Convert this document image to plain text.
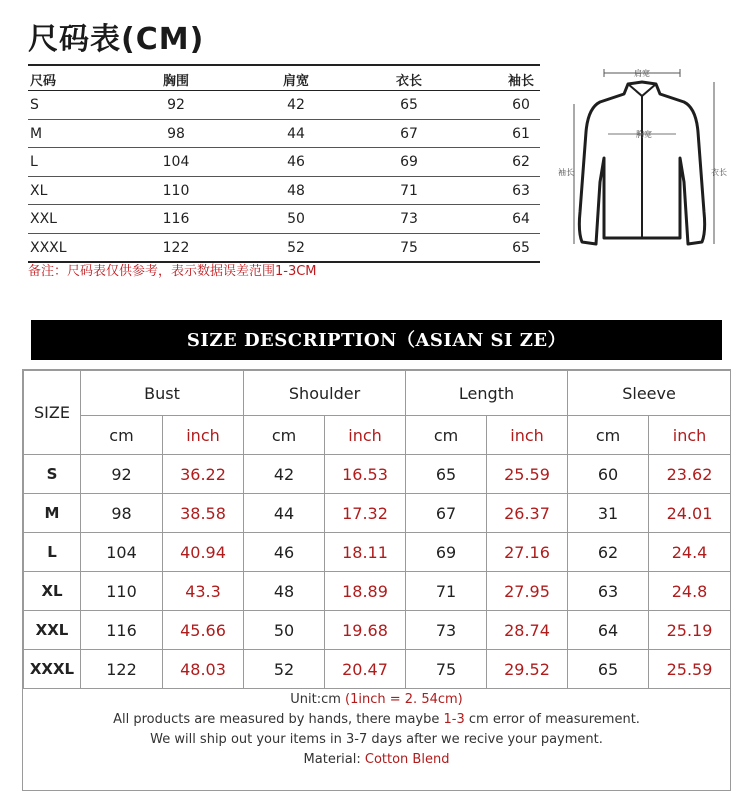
尺码表(CM)
尺码	胸围	肩宽	衣长	袖长
S	92	42	65	60
M	98	44	67	61
L	104	46	69	62
XL	110	48	71	63
XXL	116	50	73	64
XXXL	122	52	75	65
备注：尺码表仅供参考，表示数据误差范围1-3CM
肩宽
袖长	衣长
胸宽
SIZE DESCRIPTION（ASIAN SI ZE）
SIZE	Bust		Shoulder		Length		Sleeve	
	cm	inch	cm	inch	cm	inch	cm	inch
S	92	36.22	42	16.53	65	25.59	60	23.62
M	98	38.58	44	17.32	67	26.37	31	24.01
L	104	40.94	46	18.11	69	27.16	62	24.4
XL	110	43.3	48	18.89	71	27.95	63	24.8
XXL	116	45.66	50	19.68	73	28.74	64	25.19
XXXL	122	48.03	52	20.47	75	29.52	65	25.59
Unit:cm (1inch = 2. 54cm)
All products are measured by hands, there maybe 1-3 cm error of measurement.
We will ship out your items in 3-7 days after we recive your payment.
Material: Cotton Blend
